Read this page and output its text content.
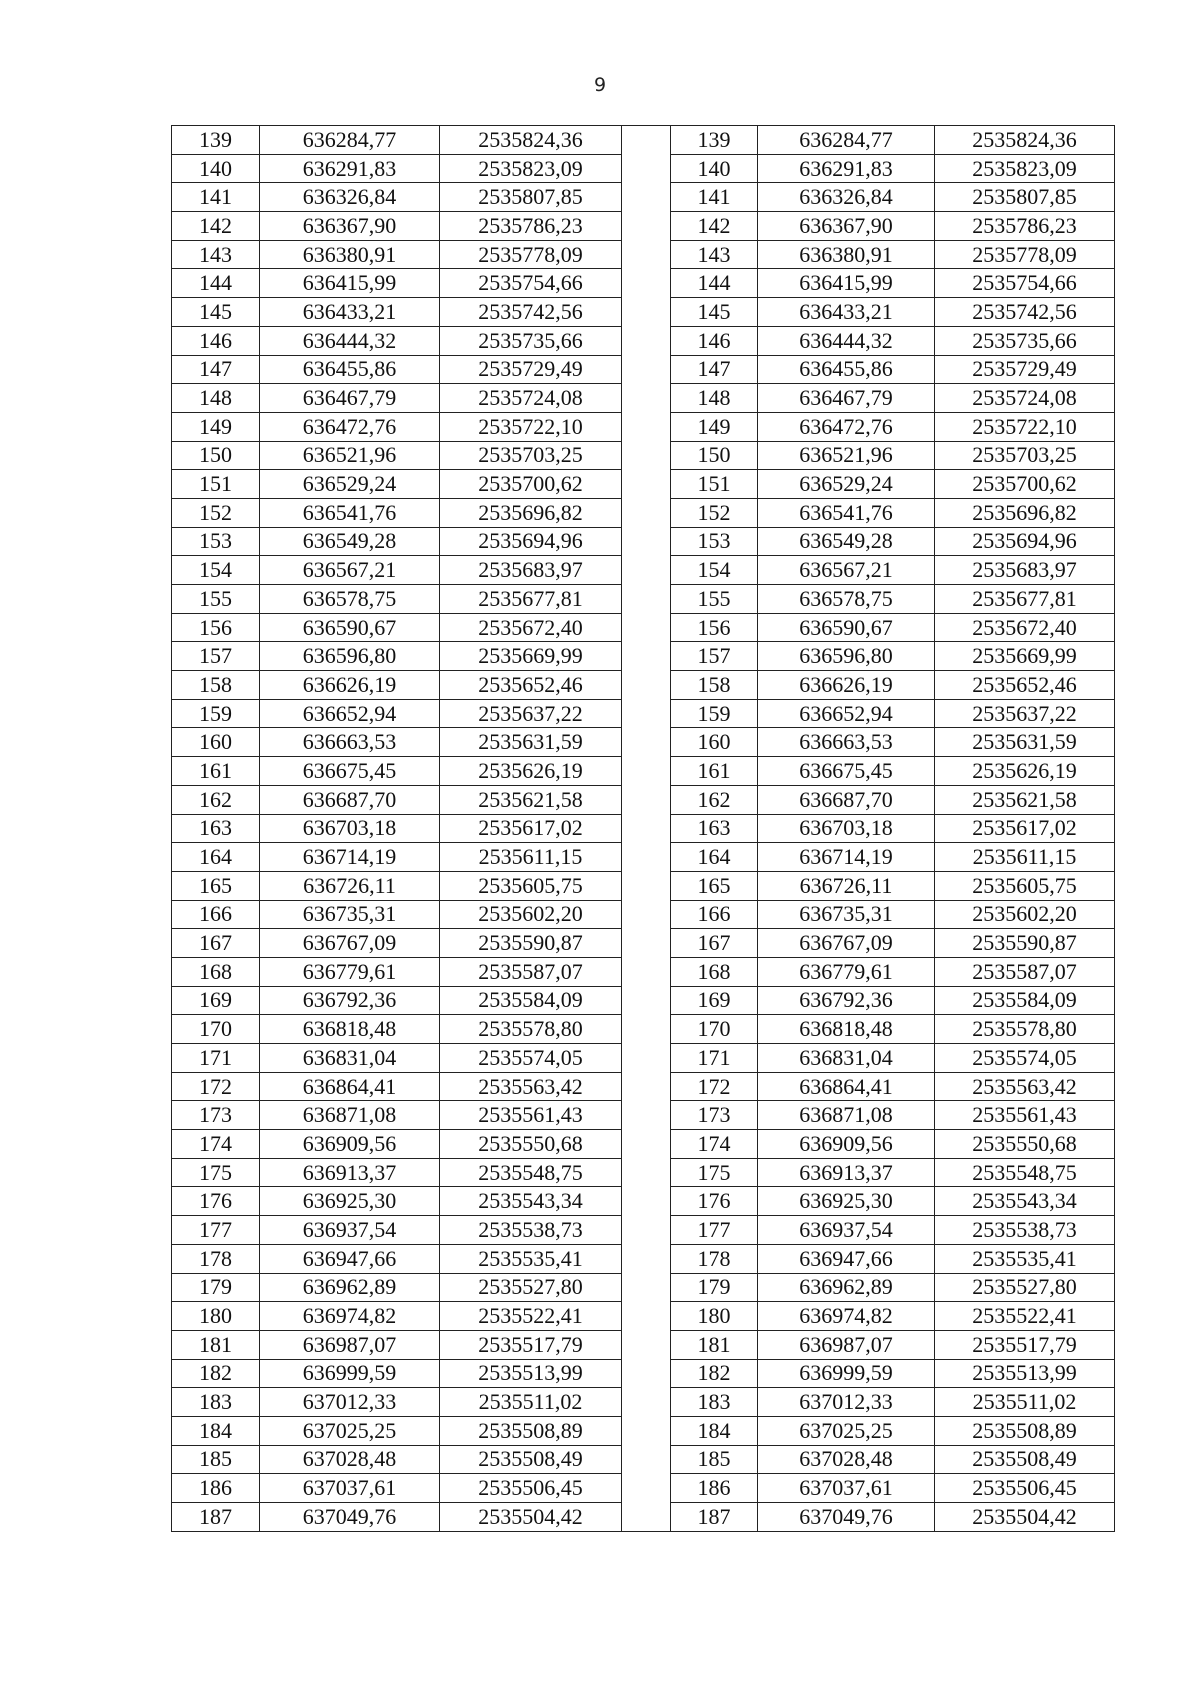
9
139	636284,77	2535824,36		139	636284,77	2535824,36
140	636291,83	2535823,09		140	636291,83	2535823,09
141	636326,84	2535807,85		141	636326,84	2535807,85
142	636367,90	2535786,23		142	636367,90	2535786,23
143	636380,91	2535778,09		143	636380,91	2535778,09
144	636415,99	2535754,66		144	636415,99	2535754,66
145	636433,21	2535742,56		145	636433,21	2535742,56
146	636444,32	2535735,66		146	636444,32	2535735,66
147	636455,86	2535729,49		147	636455,86	2535729,49
148	636467,79	2535724,08		148	636467,79	2535724,08
149	636472,76	2535722,10		149	636472,76	2535722,10
150	636521,96	2535703,25		150	636521,96	2535703,25
151	636529,24	2535700,62		151	636529,24	2535700,62
152	636541,76	2535696,82		152	636541,76	2535696,82
153	636549,28	2535694,96		153	636549,28	2535694,96
154	636567,21	2535683,97		154	636567,21	2535683,97
155	636578,75	2535677,81		155	636578,75	2535677,81
156	636590,67	2535672,40		156	636590,67	2535672,40
157	636596,80	2535669,99		157	636596,80	2535669,99
158	636626,19	2535652,46		158	636626,19	2535652,46
159	636652,94	2535637,22		159	636652,94	2535637,22
160	636663,53	2535631,59		160	636663,53	2535631,59
161	636675,45	2535626,19		161	636675,45	2535626,19
162	636687,70	2535621,58		162	636687,70	2535621,58
163	636703,18	2535617,02		163	636703,18	2535617,02
164	636714,19	2535611,15		164	636714,19	2535611,15
165	636726,11	2535605,75		165	636726,11	2535605,75
166	636735,31	2535602,20		166	636735,31	2535602,20
167	636767,09	2535590,87		167	636767,09	2535590,87
168	636779,61	2535587,07		168	636779,61	2535587,07
169	636792,36	2535584,09		169	636792,36	2535584,09
170	636818,48	2535578,80		170	636818,48	2535578,80
171	636831,04	2535574,05		171	636831,04	2535574,05
172	636864,41	2535563,42		172	636864,41	2535563,42
173	636871,08	2535561,43		173	636871,08	2535561,43
174	636909,56	2535550,68		174	636909,56	2535550,68
175	636913,37	2535548,75		175	636913,37	2535548,75
176	636925,30	2535543,34		176	636925,30	2535543,34
177	636937,54	2535538,73		177	636937,54	2535538,73
178	636947,66	2535535,41		178	636947,66	2535535,41
179	636962,89	2535527,80		179	636962,89	2535527,80
180	636974,82	2535522,41		180	636974,82	2535522,41
181	636987,07	2535517,79		181	636987,07	2535517,79
182	636999,59	2535513,99		182	636999,59	2535513,99
183	637012,33	2535511,02		183	637012,33	2535511,02
184	637025,25	2535508,89		184	637025,25	2535508,89
185	637028,48	2535508,49		185	637028,48	2535508,49
186	637037,61	2535506,45		186	637037,61	2535506,45
187	637049,76	2535504,42		187	637049,76	2535504,42
